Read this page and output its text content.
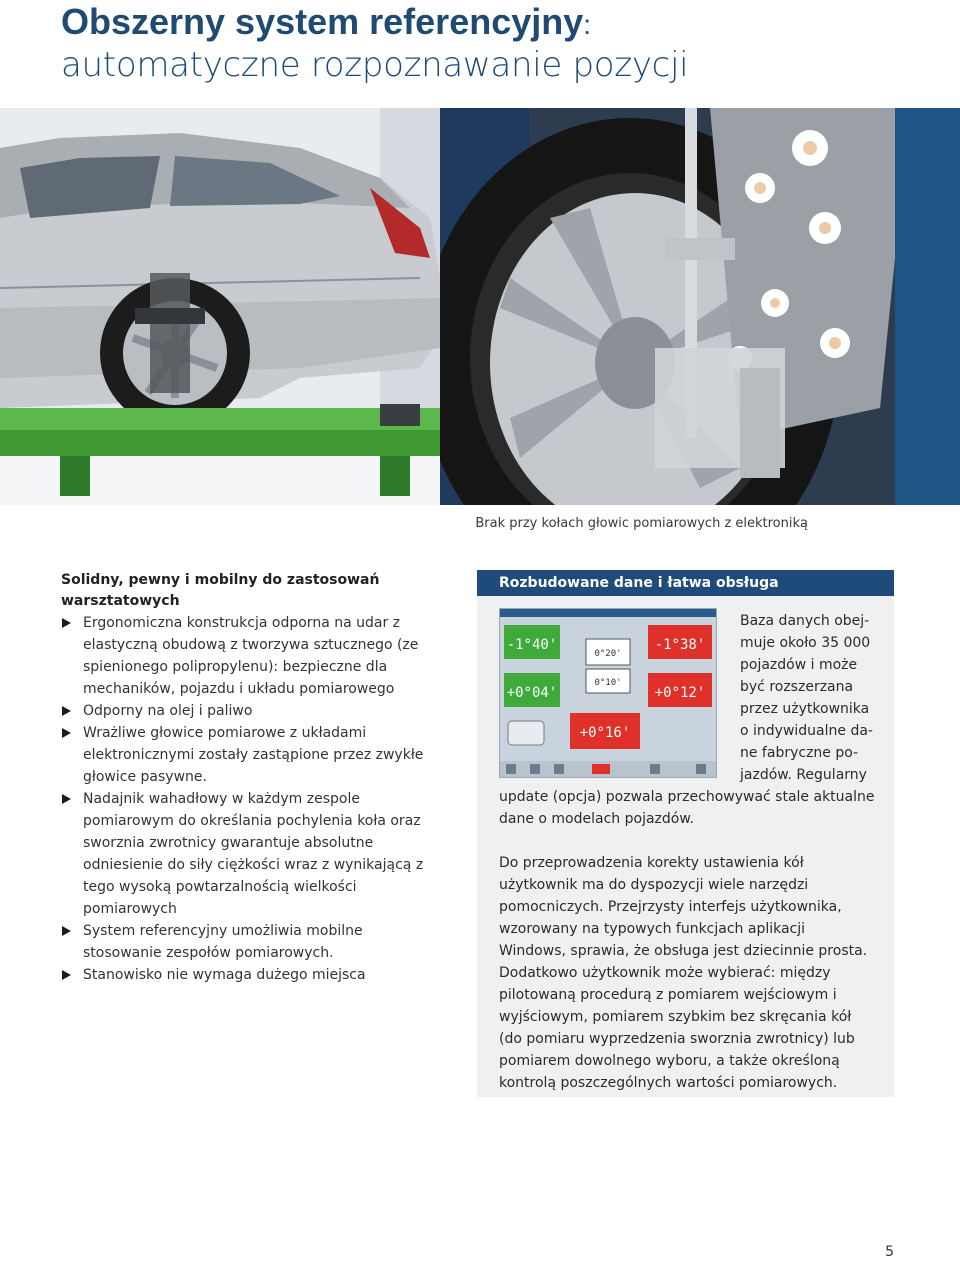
Obszerny system referencyjny:
automatyczne rozpoznawanie pozycji
Brak przy kołach głowic pomiarowych z elektroniką
Solidny, pewny i mobilny do zastosowań warsztatowych
Ergonomiczna konstrukcja odporna na udar z elastyczną obudową z tworzywa sztucznego (ze spienionego polipropylenu): bezpieczne dla mechaników, pojazdu i układu pomiarowego
Odporny na olej i paliwo
Wrażliwe głowice pomiarowe z układami elektronicznymi zostały zastąpione przez zwykłe głowice pasywne.
Nadajnik wahadłowy w każdym zespole pomiarowym do określania pochylenia koła oraz sworznia zwrotnicy gwarantuje absolutne odniesienie do siły ciężkości wraz z wynikającą z tego wysoką powtarzalnością wielkości pomiarowych
System referencyjny umożliwia mobilne stosowanie zespołów pomiarowych.
Stanowisko nie wymaga dużego miejsca
Rozbudowane dane i łatwa obsługa
-1°40'	-1°38'
+0°04'	+0°12'
0°20'
0°10'
+0°16'
Baza danych obej-
muje około 35 000
pojazdów i może
być rozszerzana
przez użytkownika
o indywidualne da-
ne fabryczne po-
jazdów. Regularny
update (opcja) pozwala przechowywać stale aktualne dane o modelach pojazdów.
Do przeprowadzenia korekty ustawienia kół użytkownik ma do dyspozycji wiele narzędzi pomocniczych. Przejrzysty interfejs użytkownika, wzorowany na typowych funkcjach aplikacji Windows, sprawia, że obsługa jest dziecinnie prosta. Dodatkowo użytkownik może wybierać: między pilotowaną procedurą z pomiarem wejściowym i wyjściowym, pomiarem szybkim bez skręcania kół (do pomiaru wyprzedzenia sworznia zwrotnicy) lub pomiarem dowolnego wyboru, a także określoną kontrolą poszczególnych wartości pomiarowych.
5
